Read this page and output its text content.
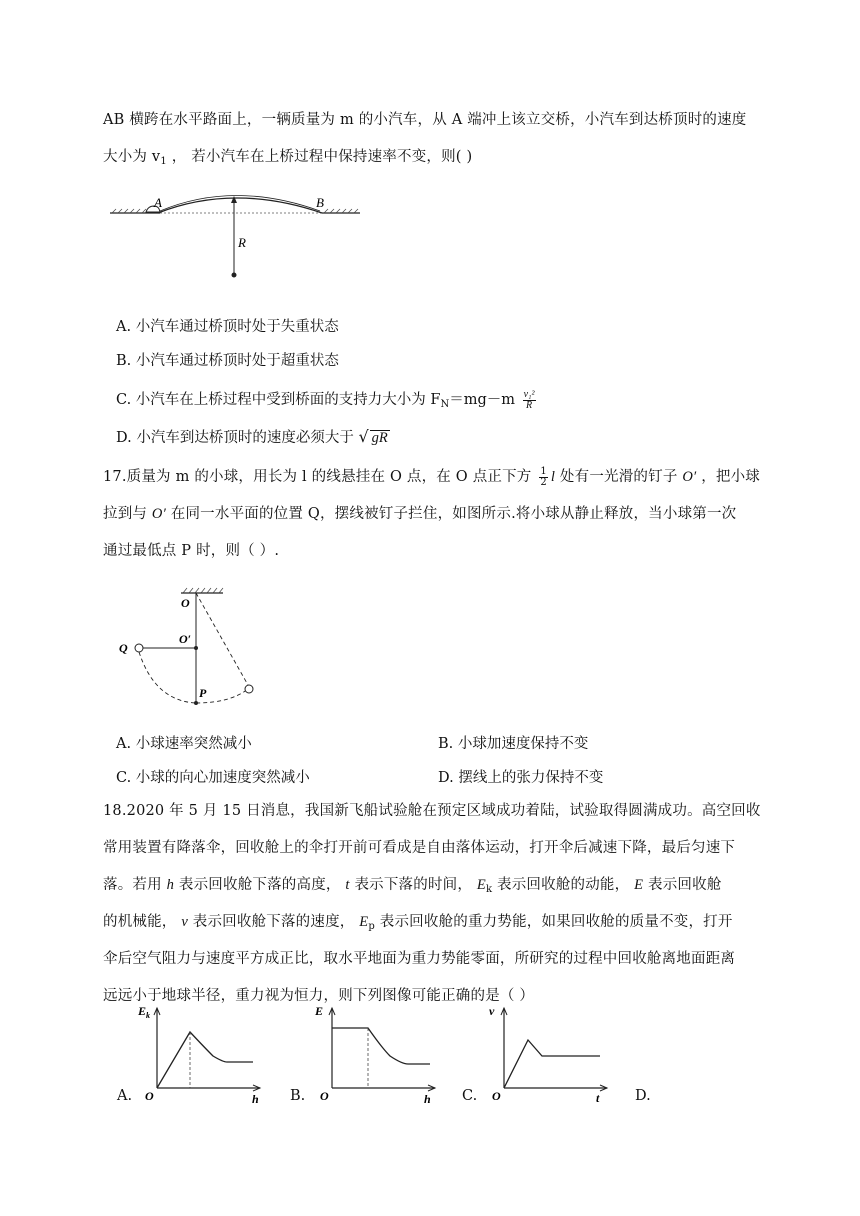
AB 横跨在水平路面上，一辆质量为 m 的小汽车，从 A 端冲上该立交桥，小汽车到达桥顶时的速度
大小为 $v_1$ ， 若小汽车在上桥过程中保持速率不变，则( )
A	B
R
A. 小汽车通过桥顶时处于失重状态
B. 小汽车通过桥顶时处于超重状态
C. 小汽车在上桥过程中受到桥面的支持力大小为 $F_N=mg-m \frac{\text{v₁²}}{R}$
D. 小汽车到达桥顶时的速度必须大于 √ gR
17.质量为 m 的小球，用长为 l 的线悬挂在 O 点，在 O 点正下方 $\frac{1}{2}$ l 处有一光滑的钉子 O′ ，把小球
拉到与 O′ 在同一水平面的位置 Q，摆线被钉子拦住，如图所示.将小球从静止释放，当小球第一次
通过最低点 P 时，则（ ）.
O
O′
Q
P
A. 小球速率突然减小	B. 小球加速度保持不变
C. 小球的向心加速度突然减小	D. 摆线上的张力保持不变
18.2020 年 5 月 15 日消息，我国新飞船试验舱在预定区域成功着陆，试验取得圆满成功。高空回收
常用装置有降落伞，回收舱上的伞打开前可看成是自由落体运动，打开伞后减速下降，最后匀速下
落。若用 h 表示回收舱下落的高度， t 表示下落的时间， $E_k$ 表示回收舱的动能， E 表示回收舱
的机械能， v 表示回收舱下落的速度， $E_p$ 表示回收舱的重力势能，如果回收舱的质量不变，打开
伞后空气阻力与速度平方成正比，取水平地面为重力势能零面，所研究的过程中回收舱离地面距离
远远小于地球半径，重力视为恒力，则下列图像可能正确的是（ ）
$E_k$
O	h
A.
E
O	h
B.
v
O	t
C.	D.
